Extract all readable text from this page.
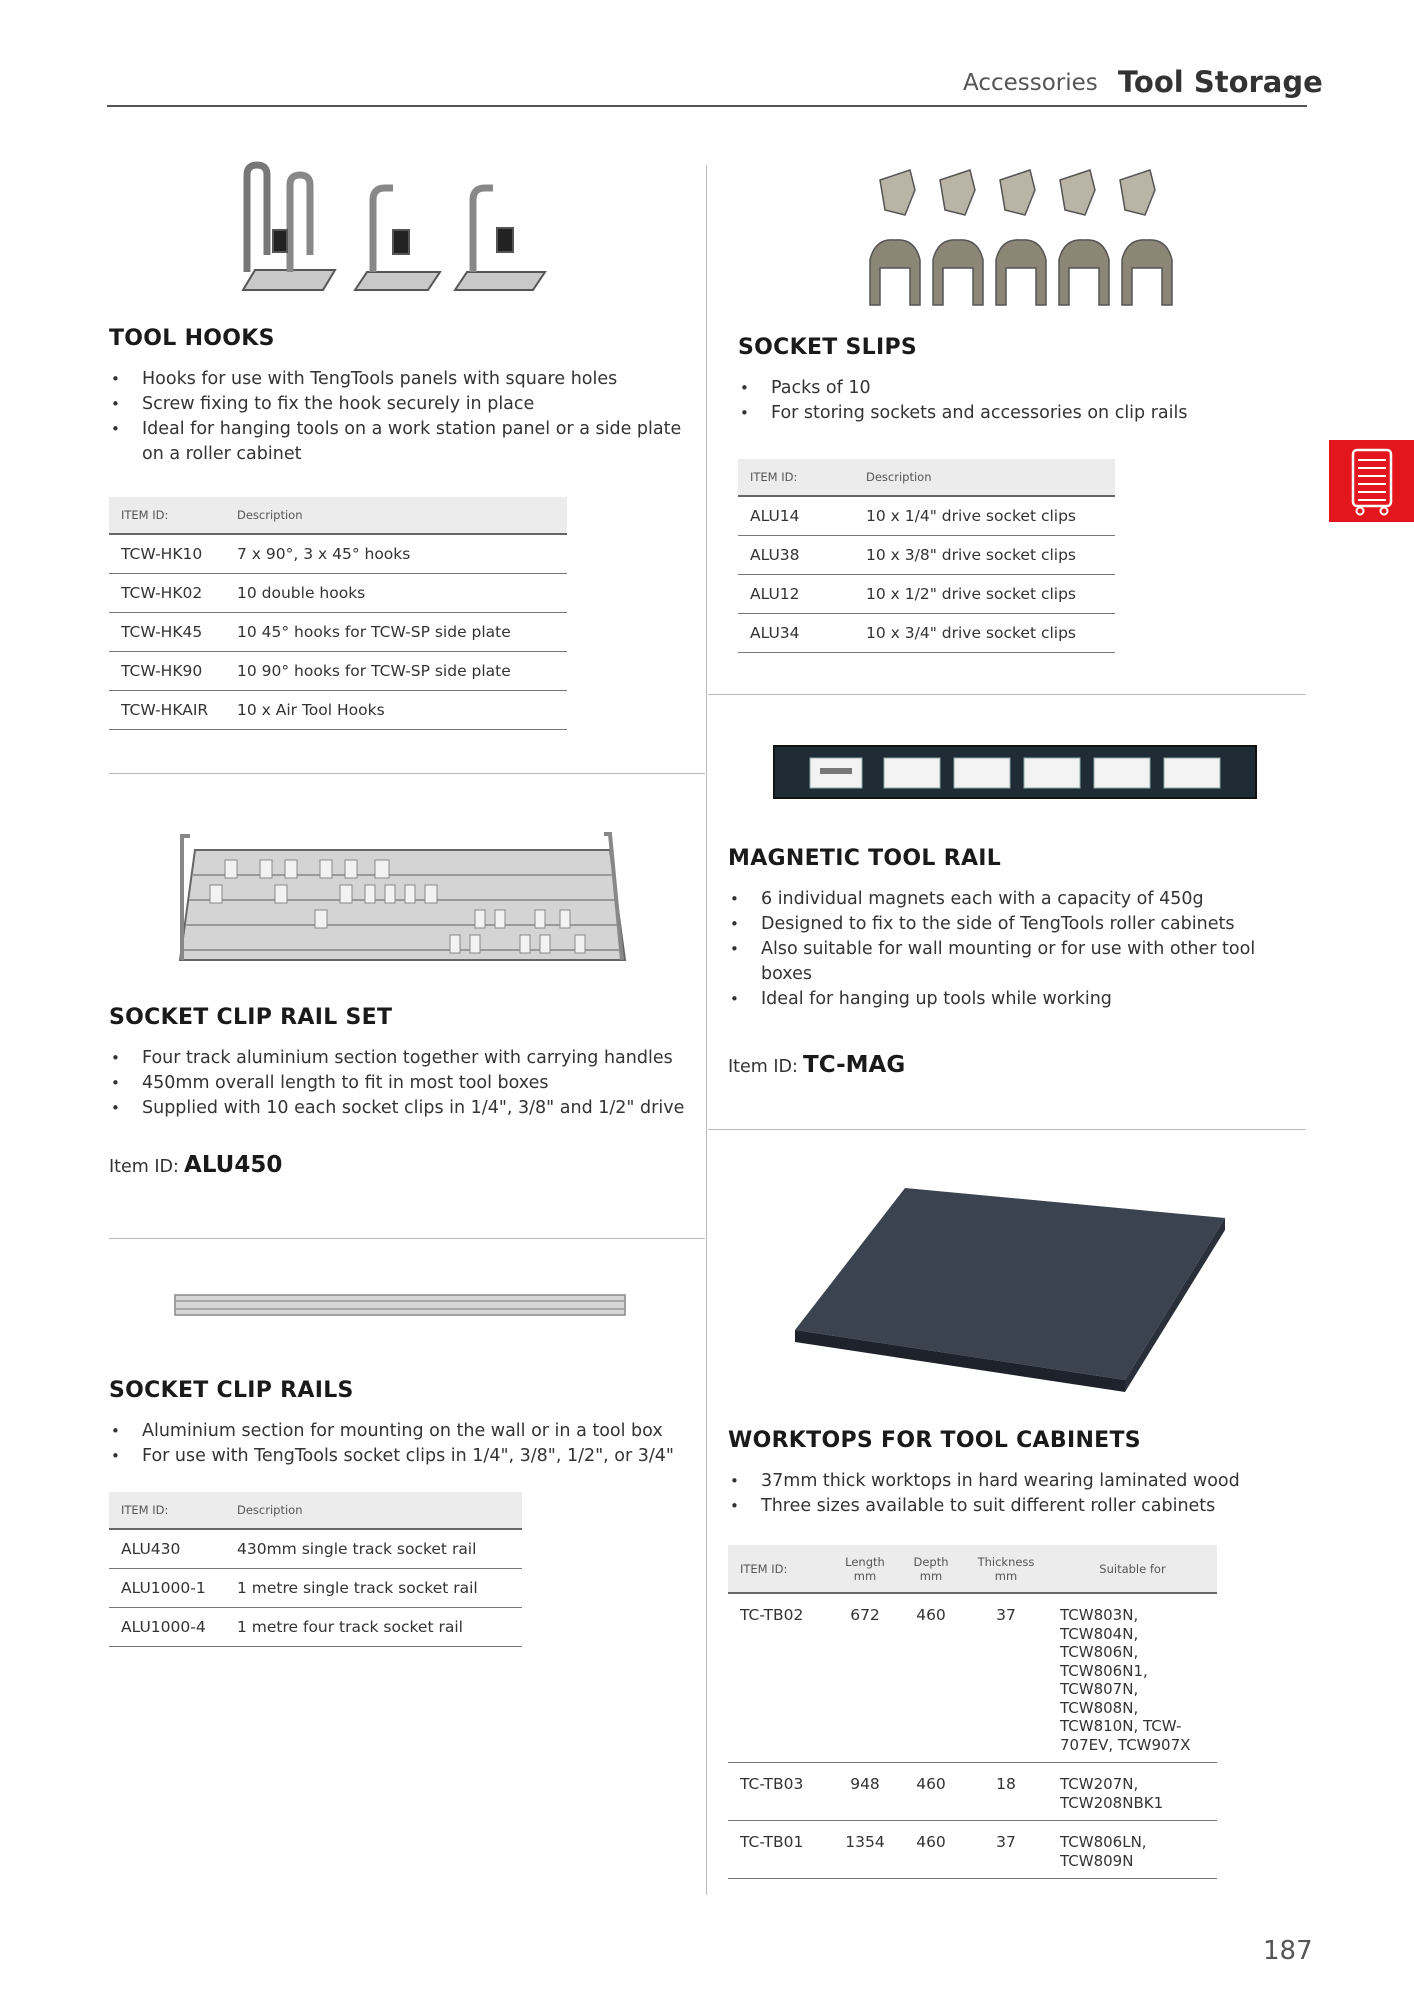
Accessories Tool Storage
TOOL HOOKS
• Hooks for use with TengTools panels with square holes
• Screw fixing to fix the hook securely in place
• Ideal for hanging tools on a work station panel or a side plate on a roller cabinet
ITEM ID:	Description
TCW-HK10	7 x 90°, 3 x 45° hooks
TCW-HK02	10 double hooks
TCW-HK45	10 45° hooks for TCW-SP side plate
TCW-HK90	10 90° hooks for TCW-SP side plate
TCW-HKAIR	10 x Air Tool Hooks
SOCKET SLIPS
• Packs of 10
• For storing sockets and accessories on clip rails
ITEM ID:	Description
ALU14	10 x 1/4" drive socket clips
ALU38	10 x 3/8" drive socket clips
ALU12	10 x 1/2" drive socket clips
ALU34	10 x 3/4" drive socket clips
SOCKET CLIP RAIL SET
• Four track aluminium section together with carrying handles
• 450mm overall length to fit in most tool boxes
• Supplied with 10 each socket clips in 1/4", 3/8" and 1/2" drive
Item ID: ALU450
MAGNETIC TOOL RAIL
• 6 individual magnets each with a capacity of 450g
• Designed to fix to the side of TengTools roller cabinets
• Also suitable for wall mounting or for use with other tool boxes
• Ideal for hanging up tools while working
Item ID: TC-MAG
SOCKET CLIP RAILS
• Aluminium section for mounting on the wall or in a tool box
• For use with TengTools socket clips in 1/4", 3/8", 1/2", or 3/4"
ITEM ID:	Description
ALU430	430mm single track socket rail
ALU1000-1	1 metre single track socket rail
ALU1000-4	1 metre four track socket rail
WORKTOPS FOR TOOL CABINETS
• 37mm thick worktops in hard wearing laminated wood
• Three sizes available to suit different roller cabinets
ITEM ID:	Length mm	Depth mm	Thickness mm	Suitable for
TC-TB02	672	460	37	TCW803N, TCW804N, TCW806N, TCW806N1, TCW807N, TCW808N, TCW810N, TCW-707EV, TCW907X
TC-TB03	948	460	18	TCW207N, TCW208NBK1
TC-TB01	1354	460	37	TCW806LN, TCW809N
187
